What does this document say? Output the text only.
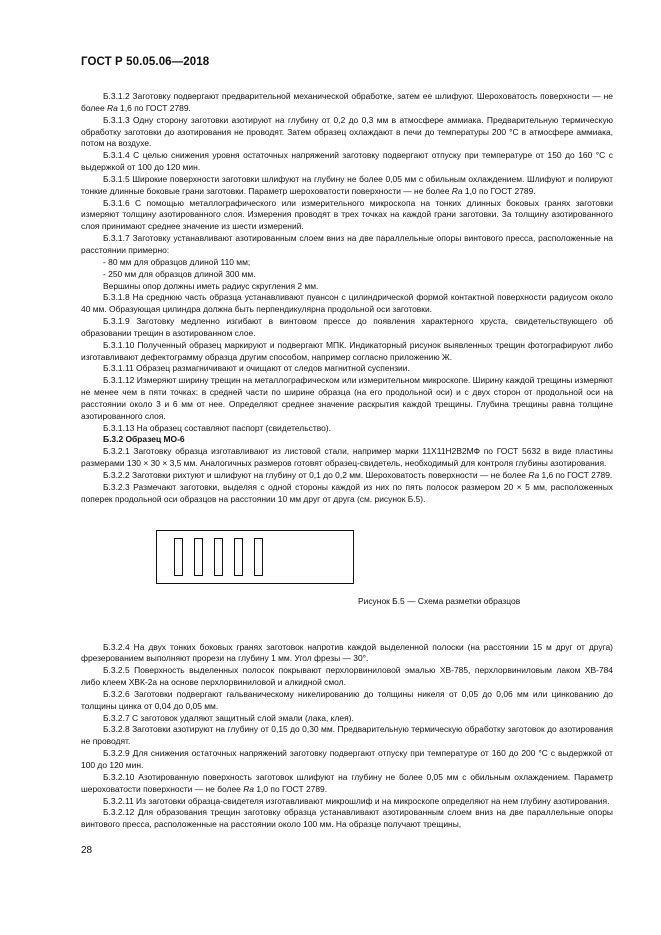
ГОСТ Р 50.05.06—2018

Б.3.1.2 Заготовку подвергают предварительной механической обработке, затем ее шлифуют. Шероховатость поверхности — не более Ra 1,6 по ГОСТ 2789.

Б.3.1.3 Одну сторону заготовки азотируют на глубину от 0,2 до 0,3 мм в атмосфере аммиака. Предварительную термическую обработку заготовки до азотирования не проводят. Затем образец охлаждают в печи до температуры 200 °С в атмосфере аммиака, потом на воздухе.

Б.3.1.4 С целью снижения уровня остаточных напряжений заготовку подвергают отпуску при температуре от 150 до 160 °С с выдержкой от 100 до 120 мин.

Б.3.1.5 Широкие поверхности заготовки шлифуют на глубину не более 0,05 мм с обильным охлаждением. Шлифуют и полируют тонкие длинные боковые грани заготовки. Параметр шероховатости поверхности — не более Ra 1,0 по ГОСТ 2789.

Б.3.1.6 С помощью металлографического или измерительного микроскопа на тонких длинных боковых гранях заготовки измеряют толщину азотированного слоя. Измерения проводят в трех точках на каждой грани заготовки. За толщину азотированного слоя принимают среднее значение из шести измерений.

Б.3.1.7 Заготовку устанавливают азотированным слоем вниз на две параллельные опоры винтового пресса, расположенные на расстоянии примерно:

- 80 мм для образцов длиной 110 мм;

- 250 мм для образцов длиной 300 мм.

Вершины опор должны иметь радиус скругления 2 мм.

Б.3.1.8 На среднюю часть образца устанавливают пуансон с цилиндрической формой контактной поверхности радиусом около 40 мм. Образующая цилиндра должна быть перпендикулярна продольной оси заготовки.

Б.3.1.9 Заготовку медленно изгибают в винтовом прессе до появления характерного хруста, свидетельствующего об образовании трещин в азотированном слое.

Б.3.1.10 Полученный образец маркируют и подвергают МПК. Индикаторный рисунок выявленных трещин фотографируют либо изготавливают дефектограмму образца другим способом, например согласно приложению Ж.

Б.3.1.11 Образец размагничивают и очищают от следов магнитной суспензии.

Б.3.1.12 Измеряют ширину трещин на металлографическом или измерительном микроскопе. Ширину каждой трещины измеряют не менее чем в пяти точках: в средней части по ширине образца (на его продольной оси) и с двух сторон от продольной оси на расстоянии около 3 и 6 мм от нее. Определяют среднее значение раскрытия каждой трещины. Глубина трещины равна толщине азотированного слоя.

Б.3.1.13 На образец составляют паспорт (свидетельство).

Б.3.2 Образец МО-6

Б.3.2.1 Заготовку образца изготавливают из листовой стали, например марки 11Х11Н2В2МФ по ГОСТ 5632 в виде пластины размерами 130 × 30 × 3,5 мм. Аналогичных размеров готовят образец-свидетель, необходимый для контроля глубины азотирования.

Б.3.2.2 Заготовки рихтуют и шлифуют на глубину от 0,1 до 0,2 мм. Шероховатость поверхности — не более Ra 1,6 по ГОСТ 2789.

Б.3.2.3 Размечают заготовки, выделяя с одной стороны каждой из них по пять полосок размером 20 × 5 мм, расположенных поперек продольной оси образцов на расстоянии 10 мм друг от друга (см. рисунок Б.5).

Рисунок Б.5 — Схема разметки образцов

Б.3.2.4 На двух тонких боковых гранях заготовок напротив каждой выделенной полоски (на расстоянии 15 м друг от друга) фрезерованием выполняют прорези на глубину 1 мм. Угол фрезы — 30°.

Б.3.2.5 Поверхность выделенных полосок покрывают перхлорвиниловой эмалью ХВ-785, перхлорвиниловым лаком ХВ-784 либо клеем ХВК-2а на основе перхлорвиниловой и алкидной смол.

Б.3.2.6 Заготовки подвергают гальваническому никелированию до толщины никеля от 0,05 до 0,06 мм или цинкованию до толщины цинка от 0,04 до 0,05 мм.

Б.3.2.7 С заготовок удаляют защитный слой эмали (лака, клея).

Б.3.2.8 Заготовки азотируют на глубину от 0,15 до 0,30 мм. Предварительную термическую обработку заготовок до азотирования не проводят.

Б.3.2.9 Для снижения остаточных напряжений заготовку подвергают отпуску при температуре от 160 до 200 °С с выдержкой от 100 до 120 мин.

Б.3.2.10 Азотированную поверхность заготовок шлифуют на глубину не более 0,05 мм с обильным охлаждением. Параметр шероховатости поверхности — не более Ra 1,0 по ГОСТ 2789.

Б.3.2.11 Из заготовки образца-свидетеля изготавливают микрошлиф и на микроскопе определяют на нем глубину азотирования.

Б.3.2.12 Для образования трещин заготовку образца устанавливают азотированным слоем вниз на две параллельные опоры винтового пресса, расположенные на расстоянии около 100 мм. На образце получают трещины,

28
